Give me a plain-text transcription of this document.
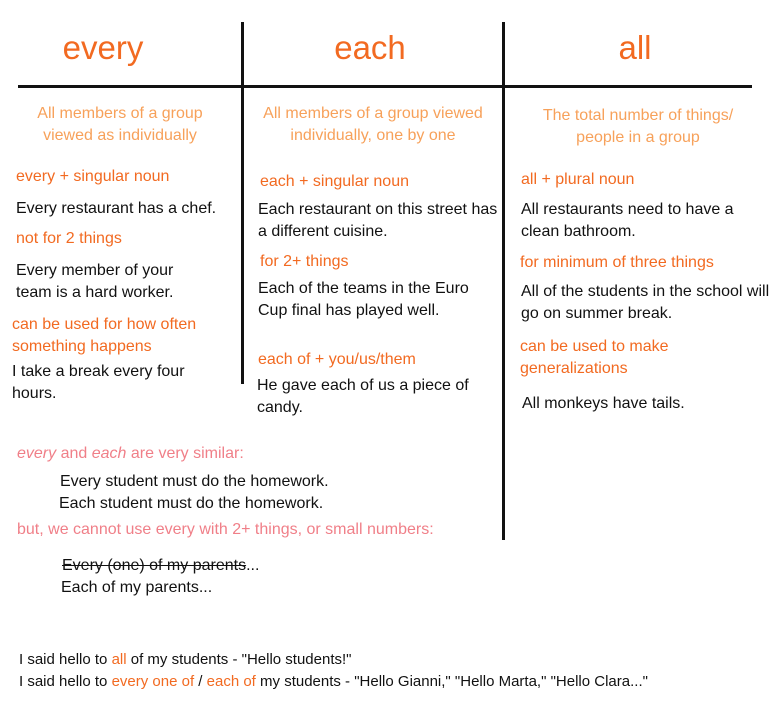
every
All members of a group viewed as individually
every + singular noun
Every restaurant has a chef.
not for 2 things
Every member of your team is a hard worker.
can be used for how often something happens
I take a break every four hours.
each
All members of a group viewed individually, one by one
each + singular noun
Each restaurant on this street has a different cuisine.
for 2+ things
Each of the teams in the Euro Cup final has played well.
each of + you/us/them
He gave each of us a piece of candy.
all
The total number of things/ people in a group
all + plural noun
All restaurants need to have a clean bathroom.
for minimum of three things
All of the students in the school will go on summer break.
can be used to make generalizations
All monkeys have tails.
every and each are very similar:
Every student must do the homework.
Each student must do the homework.
but, we cannot use every with 2+ things, or small numbers:
Every (one) of my parents...
Each of my parents...
I said hello to all of my students - "Hello students!"
I said hello to every one of / each of my students - "Hello Gianni," "Hello Marta," "Hello Clara..."
